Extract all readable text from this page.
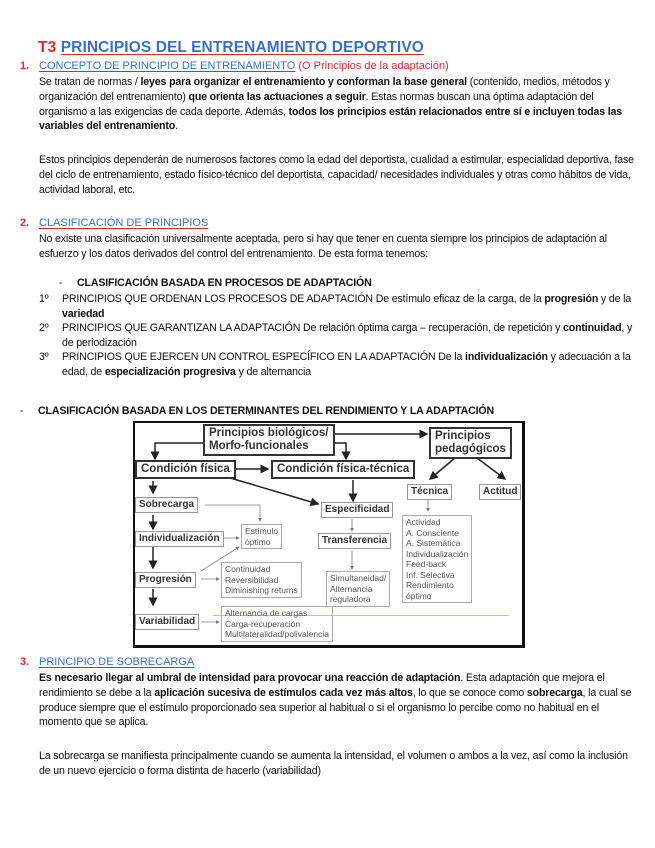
T3 PRINCIPIOS DEL ENTRENAMIENTO DEPORTIVO
1. CONCEPTO DE PRINCIPIO DE ENTRENAMIENTO (O Principios de la adaptación)
Se tratan de normas / leyes para organizar el entrenamiento y conforman la base general (contenido, medios, métodos y organización del entrenamiento) que orienta las actuaciones a seguir. Estas normas buscan una óptima adaptación del organismo a las exigencias de cada deporte. Además, todos los principios están relacionados entre sí e incluyen todas las variables del entrenamiento.
Estos principios dependerán de numerosos factores como la edad del deportista, cualidad a estimular, especialidad deportiva, fase del ciclo de entrenamiento, estado físico-técnico del deportista, capacidad/ necesidades individuales y otras como hábitos de vida, actividad laboral, etc.
2. CLASIFICACIÓN DE PRINCIPIOS
No existe una clasificación universalmente aceptada, pero si hay que tener en cuenta siempre los principios de adaptación al esfuerzo y los datos derivados del control del entrenamiento. De esta forma tenemos:
- CLASIFICACIÓN BASADA EN PROCESOS DE ADAPTACIÓN
1º PRINCIPIOS QUE ORDENAN LOS PROCESOS DE ADAPTACIÓN De estímulo eficaz de la carga, de la progresión y de la variedad
2º PRINCIPIOS QUE GARANTIZAN LA ADAPTACIÓN De relación óptima carga – recuperación, de repetición y continuidad, y de periodización
3º PRINCIPIOS QUE EJERCEN UN CONTROL ESPECÍFICO EN LA ADAPTACIÓN De la individualización y adecuación a la edad, de especialización progresiva y de alternancia
- CLASIFICACIÓN BASADA EN LOS DETERMINANTES DEL RENDIMIENTO Y LA ADAPTACIÓN
Principios biológicos/
Morfo-funcionales
Principios
pedagógicos
Condición física	Condición física-técnica
Técnica	Actitud
Sobrecarga	Especificidad
Individualización
Estímulo
óptimo	Transferencia
Actividad
A. Consciente
A. Sistemática
Individualización
Feed-back
Inf. Selectiva
Rendimiento
óptimo
Progresión
Continuidad
Reversibilidad
Diminishing returns
Simultaneidad/
Alternancia
reguladora
Variabilidad
Alternancia de cargas
Carga-recuperación
Multilateralidad/polivalencia
3. PRINCIPIO DE SOBRECARGA
Es necesario llegar al umbral de intensidad para provocar una reacción de adaptación. Esta adaptación que mejora el rendimiento se debe a la aplicación sucesiva de estímulos cada vez más altos, lo que se conoce como sobrecarga, la cual se produce siempre que el estímulo proporcionado sea superior al habitual o si el organismo lo percibe como no habitual en el momento que se aplica.
La sobrecarga se manifiesta principalmente cuando se aumenta la intensidad, el volumen o ambos a la vez, así como la inclusión de un nuevo ejercicio o forma distinta de hacerlo (variabilidad)
